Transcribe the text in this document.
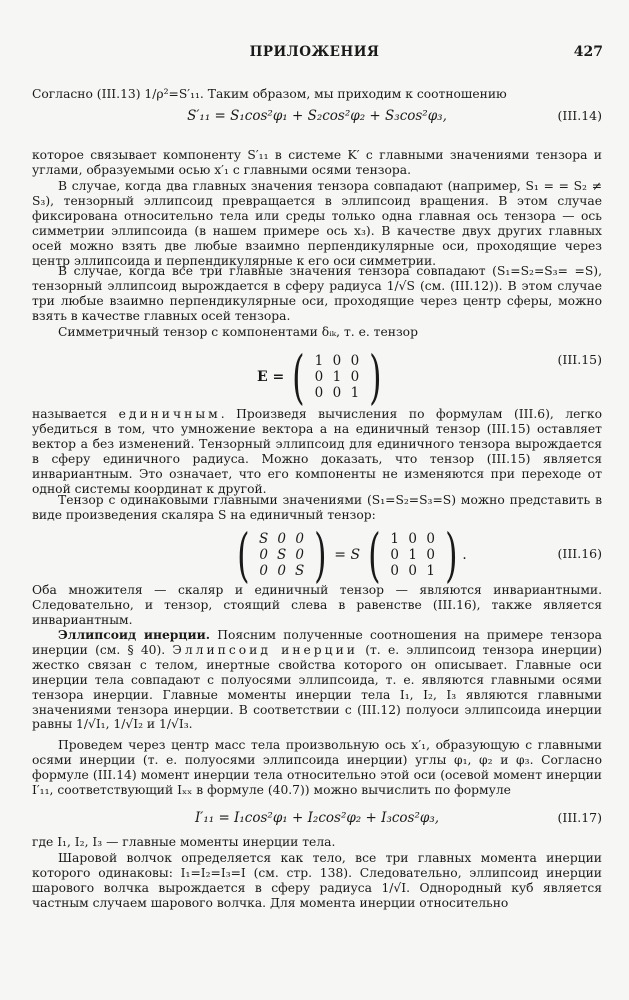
ПРИЛОЖЕНИЯ	427

Согласно (III.13) 1/ρ²=S′₁₁. Таким образом, мы приходим к соотношению

S′₁₁ = S₁cos²φ₁ + S₂cos²φ₂ + S₃cos²φ₃,	(III.14)

которое связывает компоненту S′₁₁ в системе K′ с главными значениями тензора и углами, образуемыми осью x′₁ с главными осями тензора.

В случае, когда два главных значения тензора совпадают (например, S₁ = = S₂ ≠ S₃), тензорный эллипсоид превращается в эллипсоид вращения. В этом случае фиксирована относительно тела или среды только одна главная ось тензора — ось симметрии эллипсоида (в нашем примере ось x₃). В качестве двух других главных осей можно взять две любые взаимно перпендикулярные оси, проходящие через центр эллипсоида и перпендикулярные к его оси симметрии.

В случае, когда все три главные значения тензора совпадают (S₁=S₂=S₃= =S), тензорный эллипсоид вырождается в сферу радиуса 1/√S (см. (III.12)). В этом случае три любые взаимно перпендикулярные оси, проходящие через центр сферы, можно взять в качестве главных осей тензора.

Симметричный тензор с компонентами δᵢₖ, т. е. тензор

E = ( 1 0 0
0 1 0
0 0 1 )	(III.15)

называется единичным. Произведя вычисления по формулам (III.6), легко убедиться в том, что умножение вектора a на единичный тензор (III.15) оставляет вектор a без изменений. Тензорный эллипсоид для единичного тензора вырождается в сферу единичного радиуса. Можно доказать, что тензор (III.15) является инвариантным. Это означает, что его компоненты не изменяются при переходе от одной системы координат к другой.

Тензор с одинаковыми главными значениями (S₁=S₂=S₃=S) можно представить в виде произведения скаляра S на единичный тензор:

( S 0 0
0 S 0
0 0 S ) = S ( 1 0 0
0 1 0
0 0 1 ) .	(III.16)

Оба множителя — скаляр и единичный тензор — являются инвариантными. Следовательно, и тензор, стоящий слева в равенстве (III.16), также является инвариантным.

Эллипсоид инерции. Поясним полученные соотношения на примере тензора инерции (см. § 40). Эллипсоид инерции (т. е. эллипсоид тензора инерции) жестко связан с телом, инертные свойства которого он описывает. Главные оси инерции тела совпадают с полуосями эллипсоида, т. е. являются главными осями тензора инерции. Главные моменты инерции тела I₁, I₂, I₃ являются главными значениями тензора инерции. В соответствии с (III.12) полуоси эллипсоида инерции равны 1/√I₁, 1/√I₂ и 1/√I₃.

Проведем через центр масс тела произвольную ось x′₁, образующую с главными осями инерции (т. е. полуосями эллипсоида инерции) углы φ₁, φ₂ и φ₃. Согласно формуле (III.14) момент инерции тела относительно этой оси (осевой момент инерции I′₁₁, соответствующий Iₓₓ в формуле (40.7)) можно вычислить по формуле

I′₁₁ = I₁cos²φ₁ + I₂cos²φ₂ + I₃cos²φ₃,	(III.17)

где I₁, I₂, I₃ — главные моменты инерции тела.

Шаровой волчок определяется как тело, все три главных момента инерции которого одинаковы: I₁=I₂=I₃=I (см. стр. 138). Следовательно, эллипсоид инерции шарового волчка вырождается в сферу радиуса 1/√I. Однородный куб является частным случаем шарового волчка. Для момента инерции относительно
